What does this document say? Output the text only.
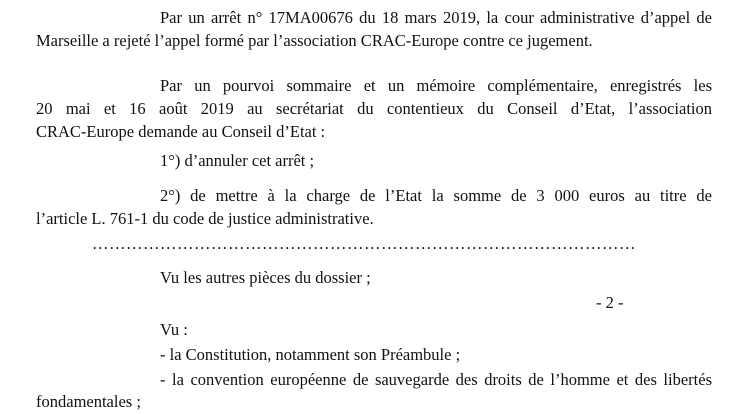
Par un arrêt n° 17MA00676 du 18 mars 2019, la cour administrative d’appel de
Marseille a rejeté l’appel formé par l’association CRAC-Europe contre ce jugement.
Par un pourvoi sommaire et un mémoire complémentaire, enregistrés les
20 mai et 16 août 2019 au secrétariat du contentieux du Conseil d’Etat, l’association
CRAC-Europe demande au Conseil d’Etat :
1°) d’annuler cet arrêt ;
2°) de mettre à la charge de l’Etat la somme de 3 000 euros au titre de
l’article L. 761-1 du code de justice administrative.
……………………………………………………………………………………
Vu les autres pièces du dossier ;
- 2 -
Vu :
- la Constitution, notamment son Préambule ;
- la convention européenne de sauvegarde des droits de l’homme et des libertés
fondamentales ;
